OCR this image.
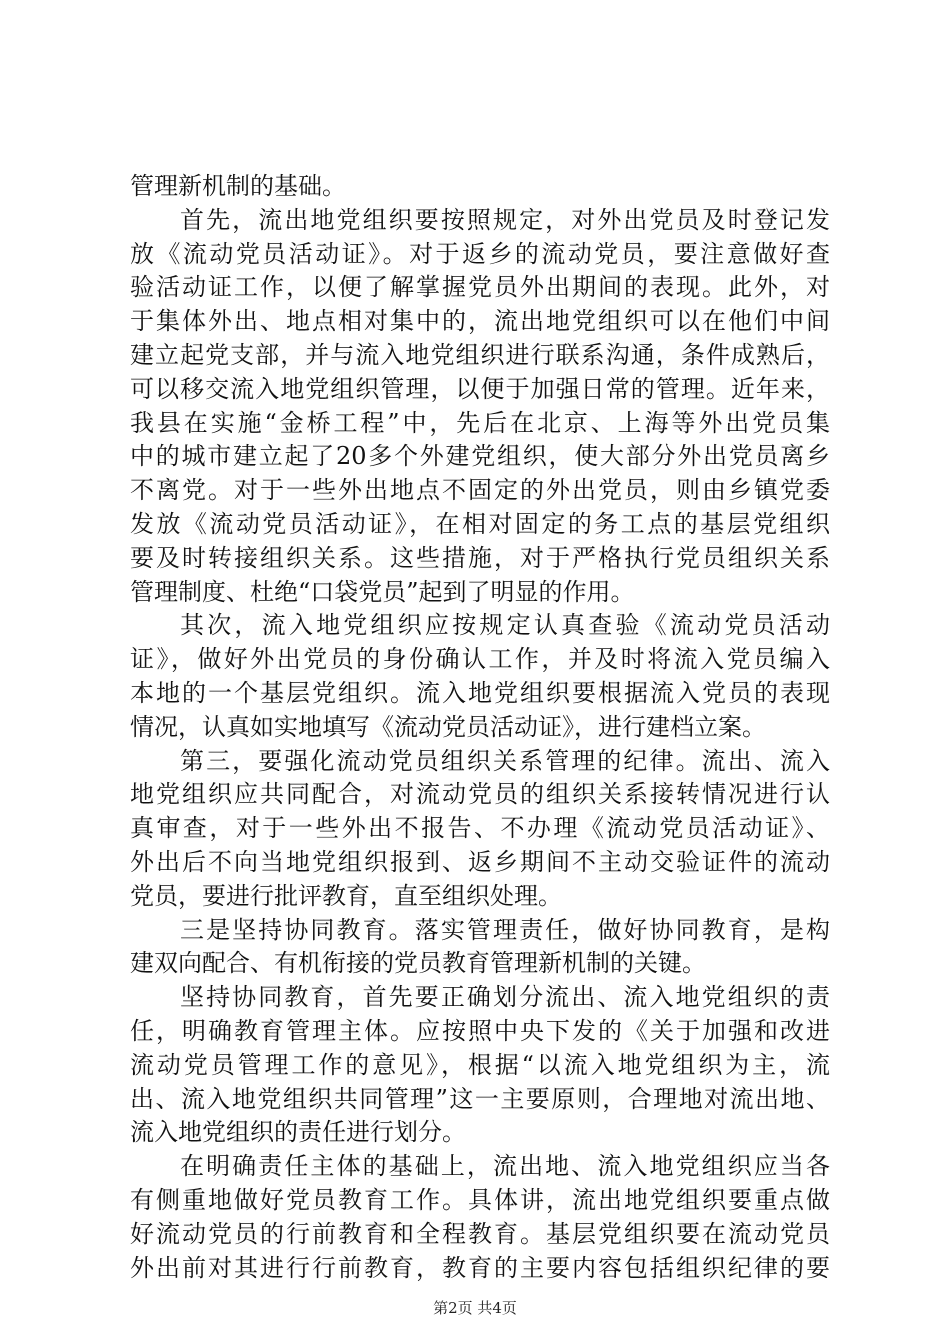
管理新机制的基础。
首先，流出地党组织要按照规定，对外出党员及时登记发
放《流动党员活动证》。对于返乡的流动党员，要注意做好查
验活动证工作，以便了解掌握党员外出期间的表现。此外，对
于集体外出、地点相对集中的，流出地党组织可以在他们中间
建立起党支部，并与流入地党组织进行联系沟通，条件成熟后，
可以移交流入地党组织管理，以便于加强日常的管理。近年来，
我县在实施“金桥工程”中，先后在北京、上海等外出党员集
中的城市建立起了20多个外建党组织，使大部分外出党员离乡
不离党。对于一些外出地点不固定的外出党员，则由乡镇党委
发放《流动党员活动证》，在相对固定的务工点的基层党组织
要及时转接组织关系。这些措施，对于严格执行党员组织关系
管理制度、杜绝“口袋党员”起到了明显的作用。
其次，流入地党组织应按规定认真查验《流动党员活动
证》，做好外出党员的身份确认工作，并及时将流入党员编入
本地的一个基层党组织。流入地党组织要根据流入党员的表现
情况，认真如实地填写《流动党员活动证》，进行建档立案。
第三，要强化流动党员组织关系管理的纪律。流出、流入
地党组织应共同配合，对流动党员的组织关系接转情况进行认
真审查，对于一些外出不报告、不办理《流动党员活动证》、
外出后不向当地党组织报到、返乡期间不主动交验证件的流动
党员，要进行批评教育，直至组织处理。
三是坚持协同教育。落实管理责任，做好协同教育，是构
建双向配合、有机衔接的党员教育管理新机制的关键。
坚持协同教育，首先要正确划分流出、流入地党组织的责
任，明确教育管理主体。应按照中央下发的《关于加强和改进
流动党员管理工作的意见》，根据“以流入地党组织为主，流
出、流入地党组织共同管理”这一主要原则，合理地对流出地、
流入地党组织的责任进行划分。
在明确责任主体的基础上，流出地、流入地党组织应当各
有侧重地做好党员教育工作。具体讲，流出地党组织要重点做
好流动党员的行前教育和全程教育。基层党组织要在流动党员
外出前对其进行行前教育，教育的主要内容包括组织纪律的要
第2页 共4页
